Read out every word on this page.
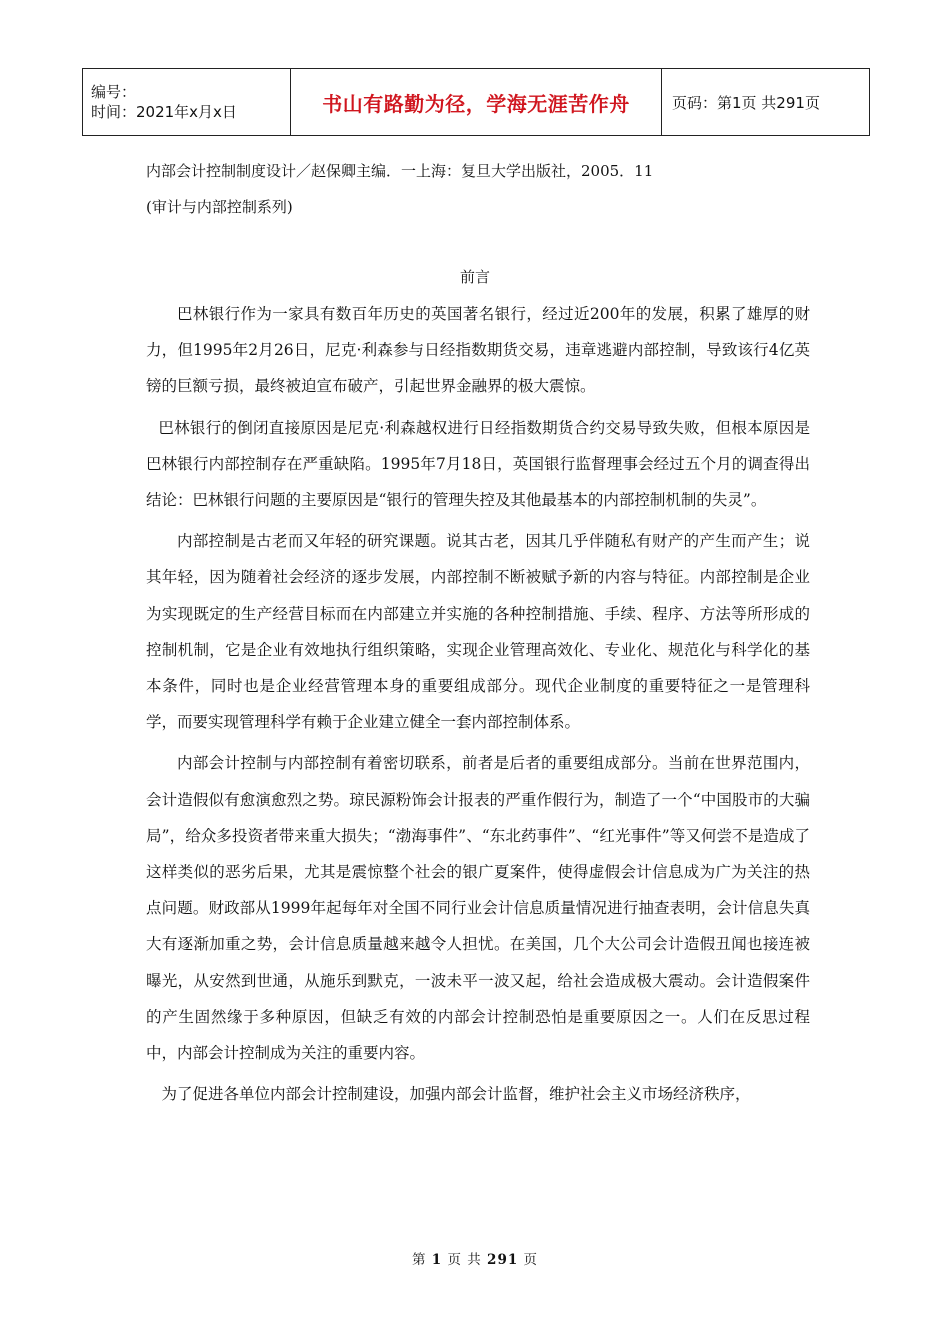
编号：
时间：2021年x月x日	书山有路勤为径，学海无涯苦作舟	页码：第1页 共291页
内部会计控制制度设计／赵保卿主编．一上海：复旦大学出版社，2005．11
(审计与内部控制系列)
前言

巴林银行作为一家具有数百年历史的英国著名银行，经过近200年的发展，积累了雄厚的财力，但1995年2月26日，尼克·利森参与日经指数期货交易，违章逃避内部控制，导致该行4亿英镑的巨额亏损，最终被迫宣布破产，引起世界金融界的极大震惊。

巴林银行的倒闭直接原因是尼克·利森越权进行日经指数期货合约交易导致失败，但根本原因是巴林银行内部控制存在严重缺陷。1995年7月18日，英国银行监督理事会经过五个月的调查得出结论：巴林银行问题的主要原因是“银行的管理失控及其他最基本的内部控制机制的失灵”。

内部控制是古老而又年轻的研究课题。说其古老，因其几乎伴随私有财产的产生而产生；说其年轻，因为随着社会经济的逐步发展，内部控制不断被赋予新的内容与特征。内部控制是企业为实现既定的生产经营目标而在内部建立并实施的各种控制措施、手续、程序、方法等所形成的控制机制，它是企业有效地执行组织策略，实现企业管理高效化、专业化、规范化与科学化的基本条件，同时也是企业经营管理本身的重要组成部分。现代企业制度的重要特征之一是管理科学，而要实现管理科学有赖于企业建立健全一套内部控制体系。

内部会计控制与内部控制有着密切联系，前者是后者的重要组成部分。当前在世界范围内，会计造假似有愈演愈烈之势。琼民源粉饰会计报表的严重作假行为，制造了一个“中国股市的大骗局”，给众多投资者带来重大损失；“渤海事件”、“东北药事件”、“红光事件”等又何尝不是造成了这样类似的恶劣后果，尤其是震惊整个社会的银广夏案件，使得虚假会计信息成为广为关注的热点问题。财政部从1999年起每年对全国不同行业会计信息质量情况进行抽查表明，会计信息失真大有逐渐加重之势，会计信息质量越来越令人担忧。在美国，几个大公司会计造假丑闻也接连被曝光，从安然到世通，从施乐到默克，一波未平一波又起，给社会造成极大震动。会计造假案件的产生固然缘于多种原因，但缺乏有效的内部会计控制恐怕是重要原因之一。人们在反思过程中，内部会计控制成为关注的重要内容。

为了促进各单位内部会计控制建设，加强内部会计监督，维护社会主义市场经济秩序，

第 1 页 共 291 页
